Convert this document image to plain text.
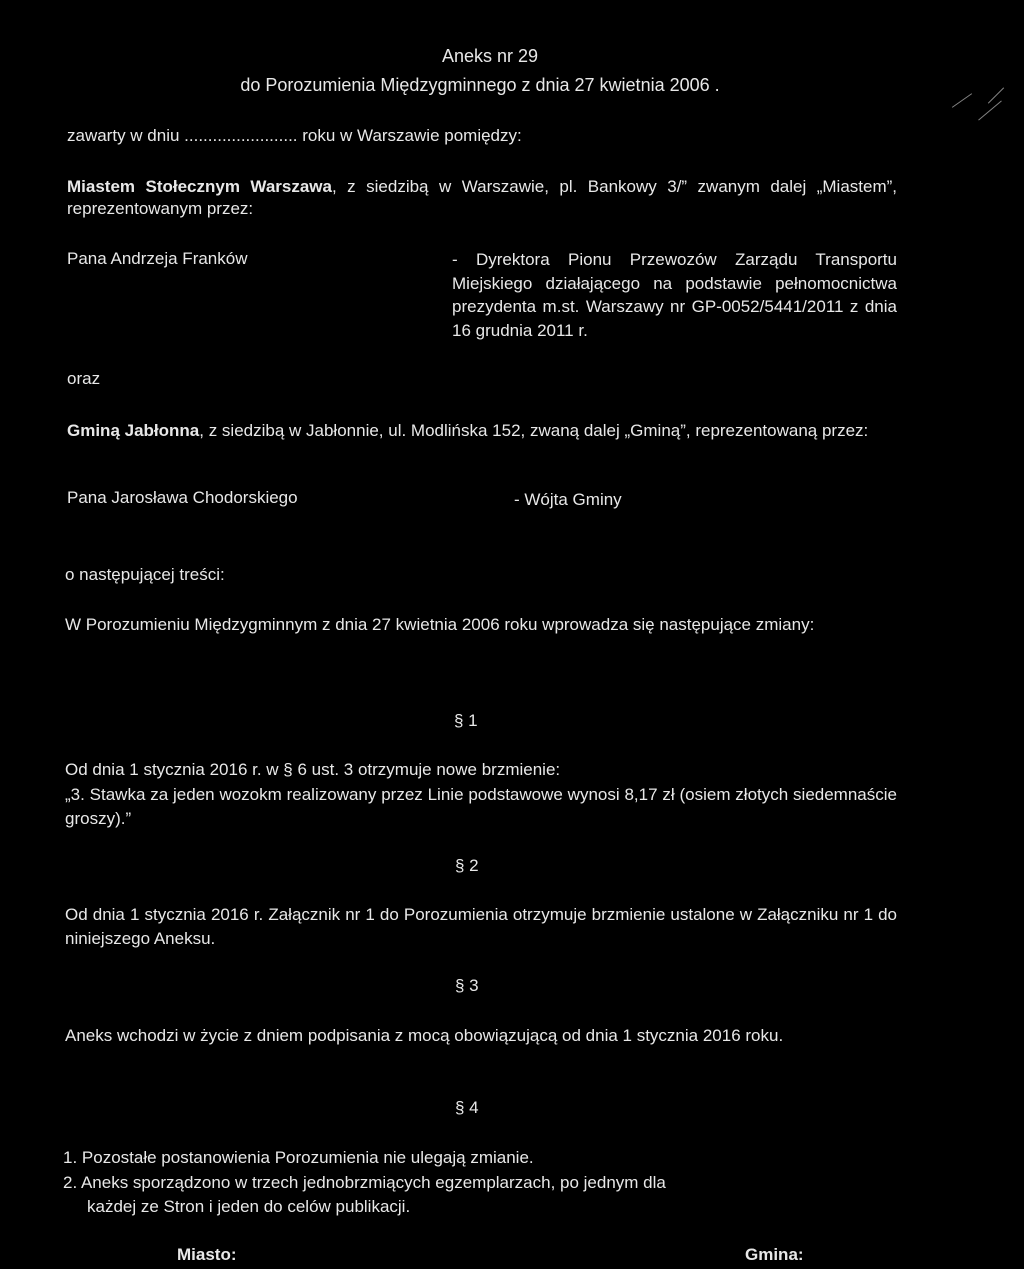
Aneks nr 29
do Porozumienia Międzygminnego z dnia 27 kwietnia 2006 .
zawarty w dniu ........................ roku w Warszawie pomiędzy:
Miastem Stołecznym Warszawa, z siedzibą w Warszawie, pl. Bankowy 3/” zwanym dalej „Miastem”, reprezentowanym przez:
Pana Andrzeja Franków	- Dyrektora Pionu Przewozów Zarządu Transportu Miejskiego działającego na podstawie pełnomocnictwa prezydenta m.st. Warszawy nr GP-0052/5441/2011 z dnia 16 grudnia 2011 r.
oraz
Gminą Jabłonna, z siedzibą w Jabłonnie, ul. Modlińska 152, zwaną dalej „Gminą”, reprezentowaną przez:
Pana Jarosława Chodorskiego	- Wójta Gminy
o następującej treści:
W Porozumieniu Międzygminnym z dnia 27 kwietnia 2006 roku wprowadza się następujące zmiany:
§ 1
Od dnia 1 stycznia 2016 r. w § 6 ust. 3 otrzymuje nowe brzmienie:
„3. Stawka za jeden wozokm realizowany przez Linie podstawowe wynosi 8,17 zł (osiem złotych siedemnaście groszy).”
§ 2
Od dnia 1 stycznia 2016 r. Załącznik nr 1 do Porozumienia otrzymuje brzmienie ustalone w Załączniku nr 1 do niniejszego Aneksu.
§ 3
Aneks wchodzi w życie z dniem podpisania z mocą obowiązującą od dnia 1 stycznia 2016 roku.
§ 4
1. Pozostałe postanowienia Porozumienia nie ulegają zmianie.
2. Aneks sporządzono w trzech jednobrzmiących egzemplarzach, po jednym dla
każdej ze Stron i jeden do celów publikacji.
Miasto:	Gmina:
